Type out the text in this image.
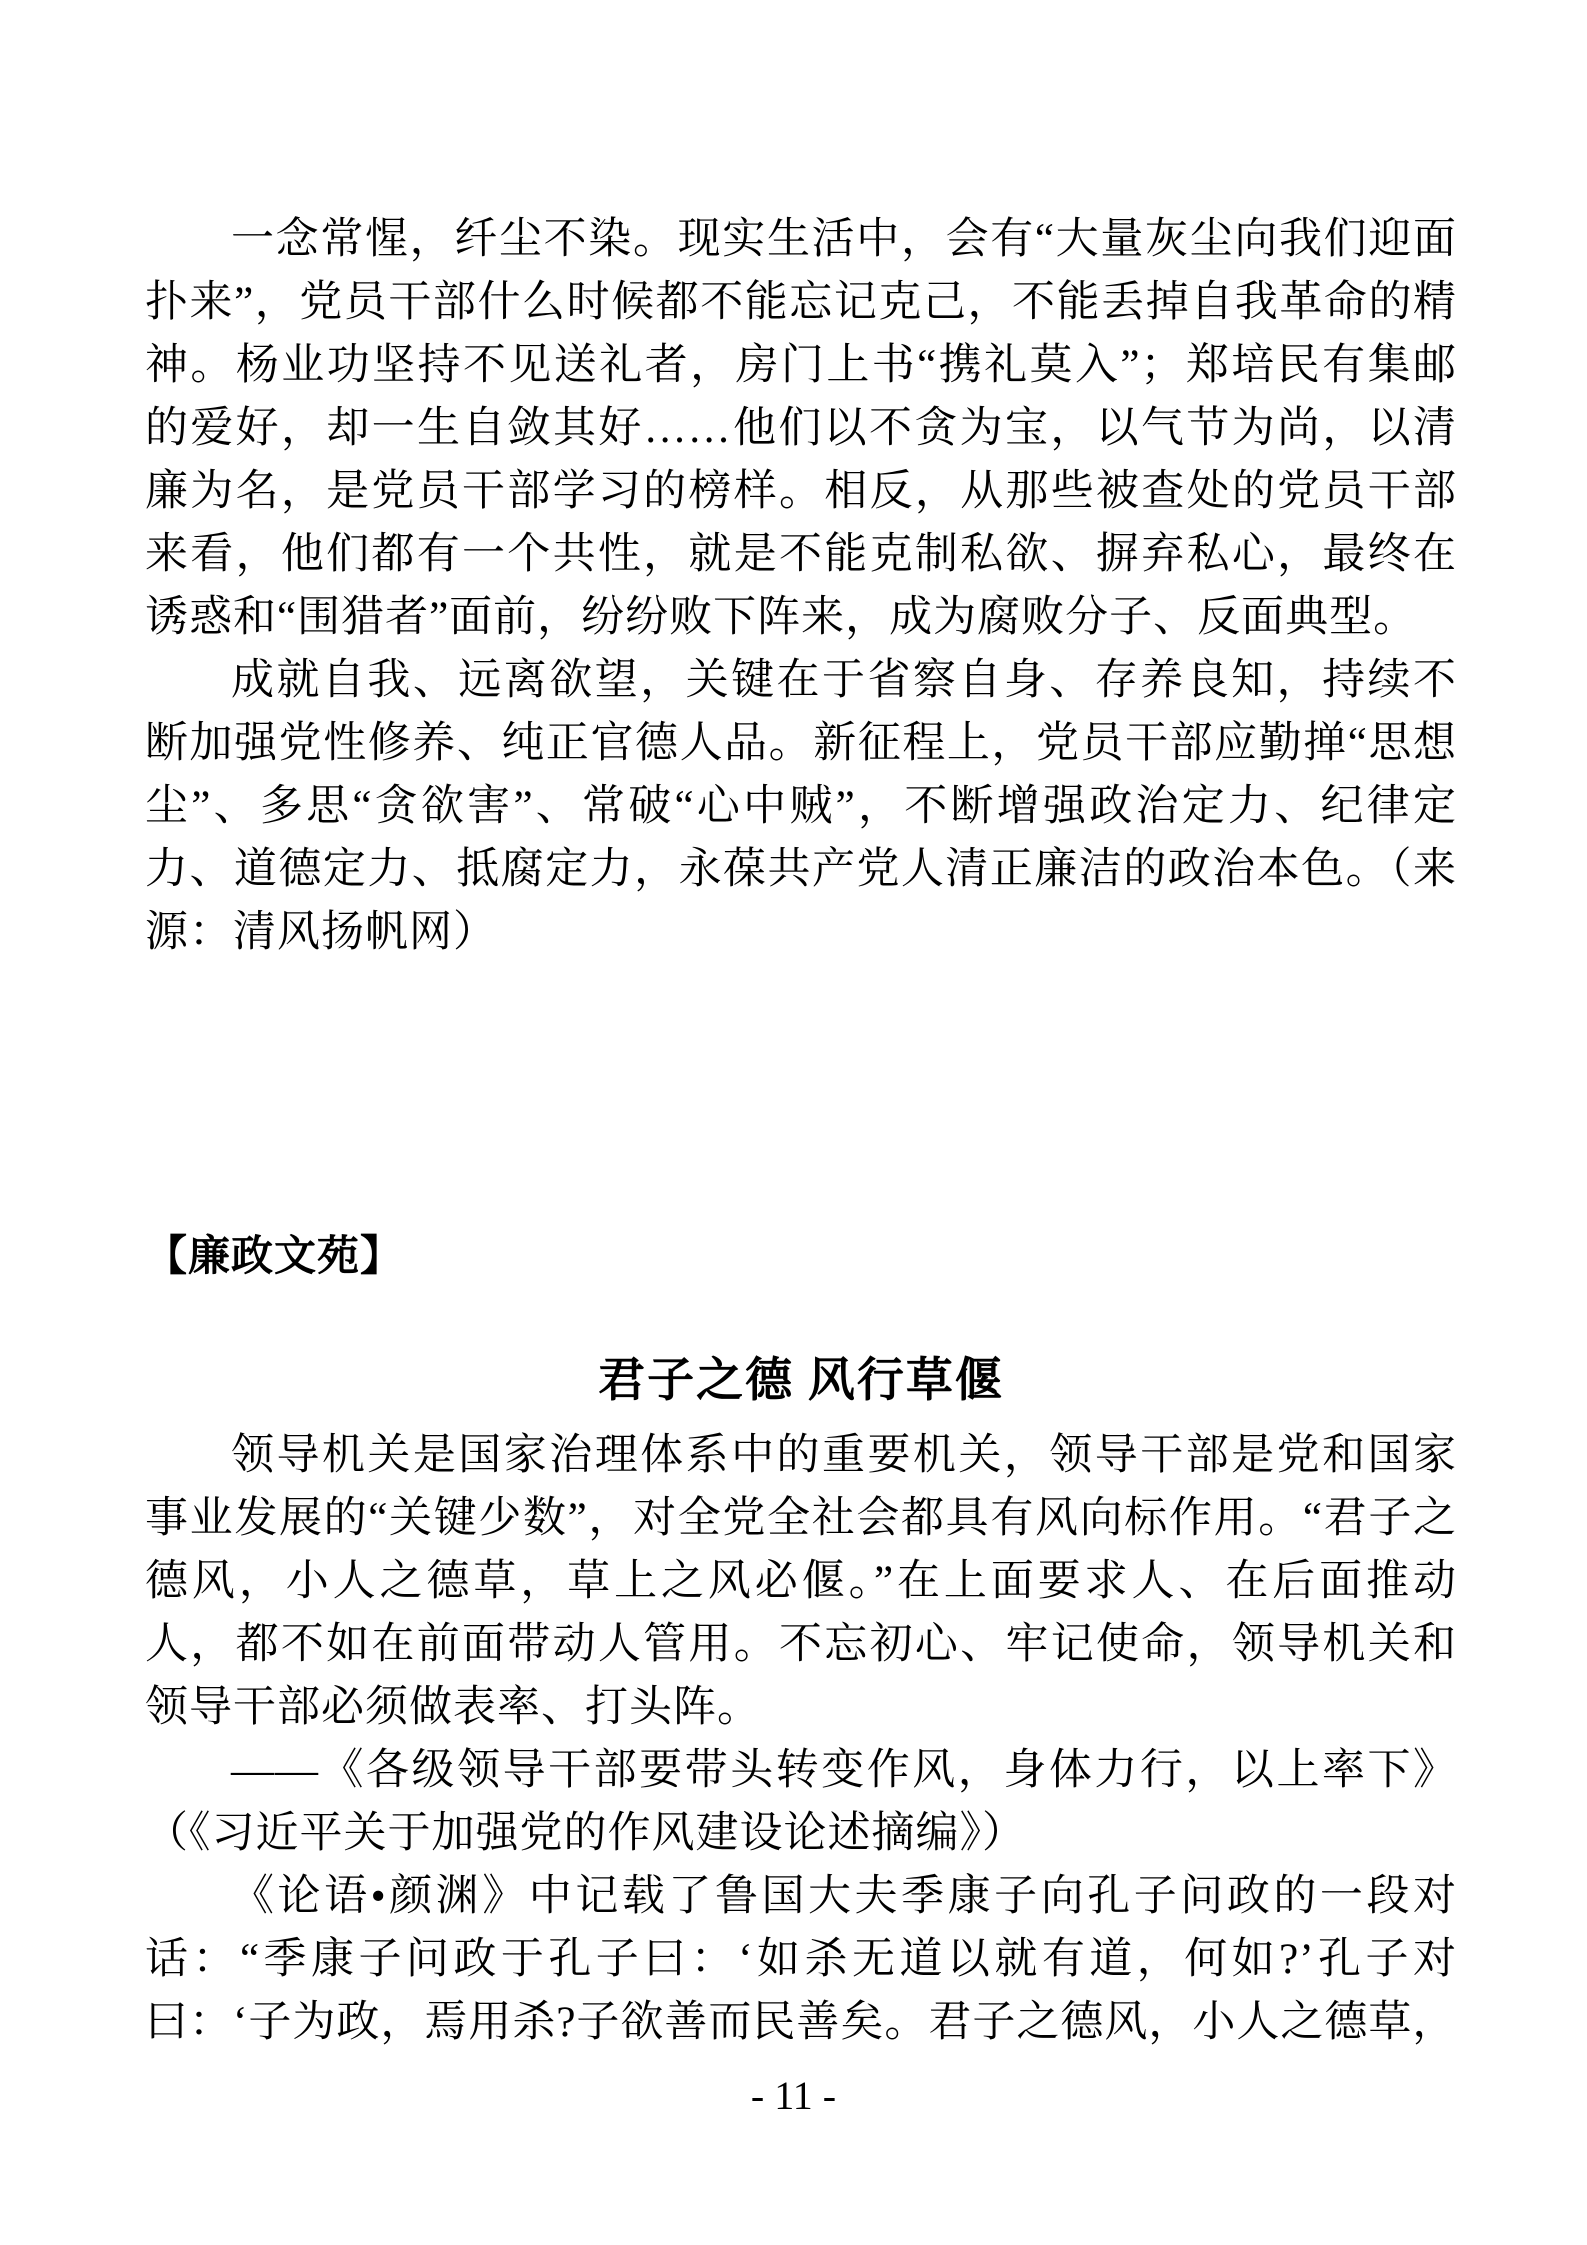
一念常惺，纤尘不染。现实生活中，会有“大量灰尘向我们迎面扑来”，党员干部什么时候都不能忘记克己，不能丢掉自我革命的精神。杨业功坚持不见送礼者，房门上书“携礼莫入”；郑培民有集邮的爱好，却一生自敛其好……他们以不贪为宝，以气节为尚，以清廉为名，是党员干部学习的榜样。相反，从那些被查处的党员干部来看，他们都有一个共性，就是不能克制私欲、摒弃私心，最终在诱惑和“围猎者”面前，纷纷败下阵来，成为腐败分子、反面典型。

成就自我、远离欲望，关键在于省察自身、存养良知，持续不断加强党性修养、纯正官德人品。新征程上，党员干部应勤掸“思想尘”、多思“贪欲害”、常破“心中贼”，不断增强政治定力、纪律定力、道德定力、抵腐定力，永葆共产党人清正廉洁的政治本色。（来源：清风扬帆网）

【廉政文苑】
君子之德 风行草偃

领导机关是国家治理体系中的重要机关，领导干部是党和国家事业发展的“关键少数”，对全党全社会都具有风向标作用。“君子之德风，小人之德草，草上之风必偃。”在上面要求人、在后面推动人，都不如在前面带动人管用。不忘初心、牢记使命，领导机关和领导干部必须做表率、打头阵。

——《各级领导干部要带头转变作风，身体力行，以上率下》（《习近平关于加强党的作风建设论述摘编》）

《论语•颜渊》中记载了鲁国大夫季康子向孔子问政的一段对话：“季康子问政于孔子曰：‘如杀无道以就有道，何如?’孔子对曰：‘子为政，焉用杀?子欲善而民善矣。君子之德风，小人之德草，

- 11 -
